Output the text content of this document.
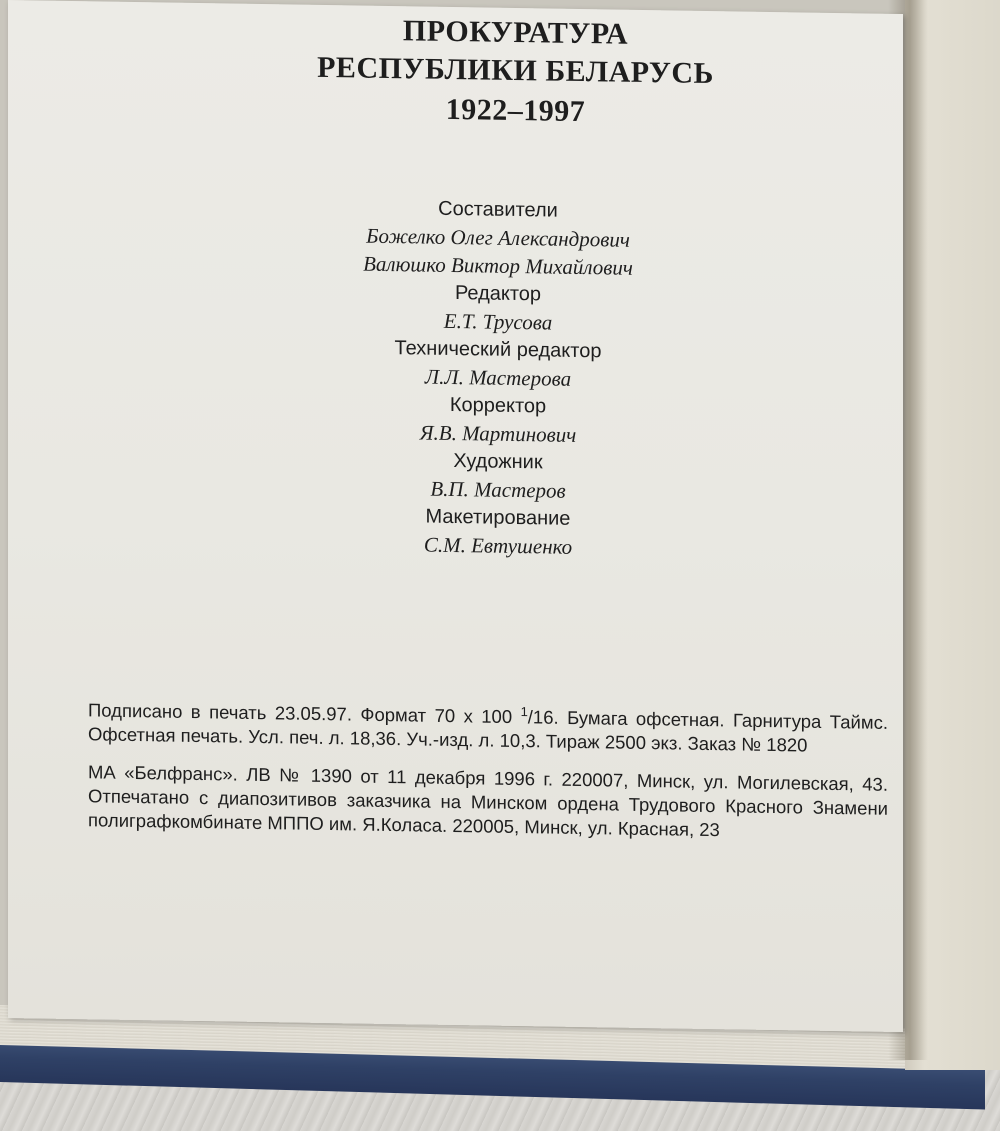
ПРОКУРАТУРА
РЕСПУБЛИКИ БЕЛАРУСЬ
1922–1997
Составители
Божелко Олег Александрович
Валюшко Виктор Михайлович
Редактор
Е.Т. Трусова
Технический редактор
Л.Л. Мастерова
Корректор
Я.В. Мартинович
Художник
В.П. Мастеров
Макетирование
С.М. Евтушенко

Подписано в печать 23.05.97. Формат 70 х 100 $^1$/16. Бумага офсетная. Гарнитура Таймс. Офсетная печать. Усл. печ. л. 18,36. Уч.-изд. л. 10,3. Тираж 2500 экз. Заказ № 1820

МА «Белфранс». ЛВ № 1390 от 11 декабря 1996 г. 220007, Минск, ул. Могилевская, 43. Отпечатано с диапозитивов заказчика на Минском ордена Трудового Красного Знамени полиграфкомбинате МППО им. Я.Коласа. 220005, Минск, ул. Красная, 23
